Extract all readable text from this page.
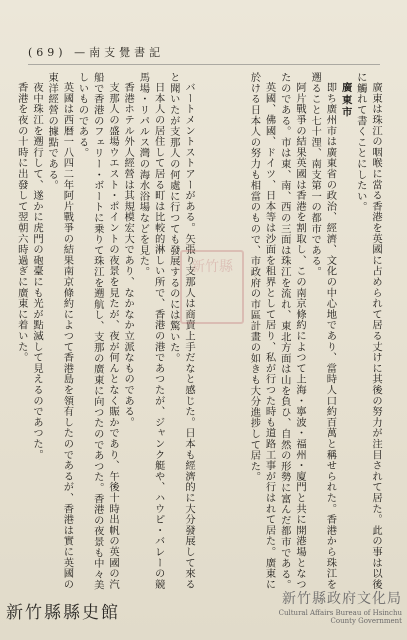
(69) —南支覺書記

廣東は珠江の咽喉に當る香港を英國に占められて居る丈けに其後の努力が注目されて居た。此の事は以後に觸れて書くことにしたい。

廣東市

即ち廣州市は廣東省の政治、經濟、文化の中心地であり、當時人口約百萬と稱せられた。香港から珠江を遡ること七十浬、南支第一の都市である。

阿片戰爭の結果英國は香港を割取し、この南京條約によつて上海・寧波・福州・廈門と共に開港場となつたのである。市は東、南、西の三面は珠江を流れ、東北方面は山を負ひ、自然の形勢に富んだ都市である。

英國、佛國、ドイツ、日本等は沙面を租界として居り、私が行つた時も道路工事が行はれて居た。廣東に於ける日本人の努力も相當のもので、市政府の市區計畫の如きも大分進捗して居た。

バートメントストアーがある。矢張り支那人は商賣上手だなと感じた。日本も經濟的に大分發展して來ると聞いたが支那人の何處に行つても發展するのには驚いた。

日本人の居住して居る町は比較的淋しい所で、香港の港であつたが、ジャンク艇や、ハウピ・バレーの競馬場・リパルス灣の海水浴場などを見た。

香港ホテル外人經營は其規模宏大であり、なかなか立派なものである。

支那人の盛場ウエスト・ポイントの夜景を見たが、夜が何んとなく賑かであり、午後十時出帆の英國の汽船で香港のフェリー・ボートに乗りて珠江を遡航し、支那の廣東に向つたのであつた。香港の夜景も中々美しいものである。

英國は西暦一八四二年阿片戰爭の結果南京條約によつて香港島を領有したのであるが、香港は實に英國の東洋經營の據點である。

夜中珠江を遡行して、遂かに虎門の砲臺にも光が點滅して見えるのであつた。

香港を夜の十時に出發して翌朝六時過ぎに廣東に着いた。	新竹縣
新竹縣縣史館
新竹縣政府文化局
Cultural Affairs Bureau of Hsinchu
County Government
